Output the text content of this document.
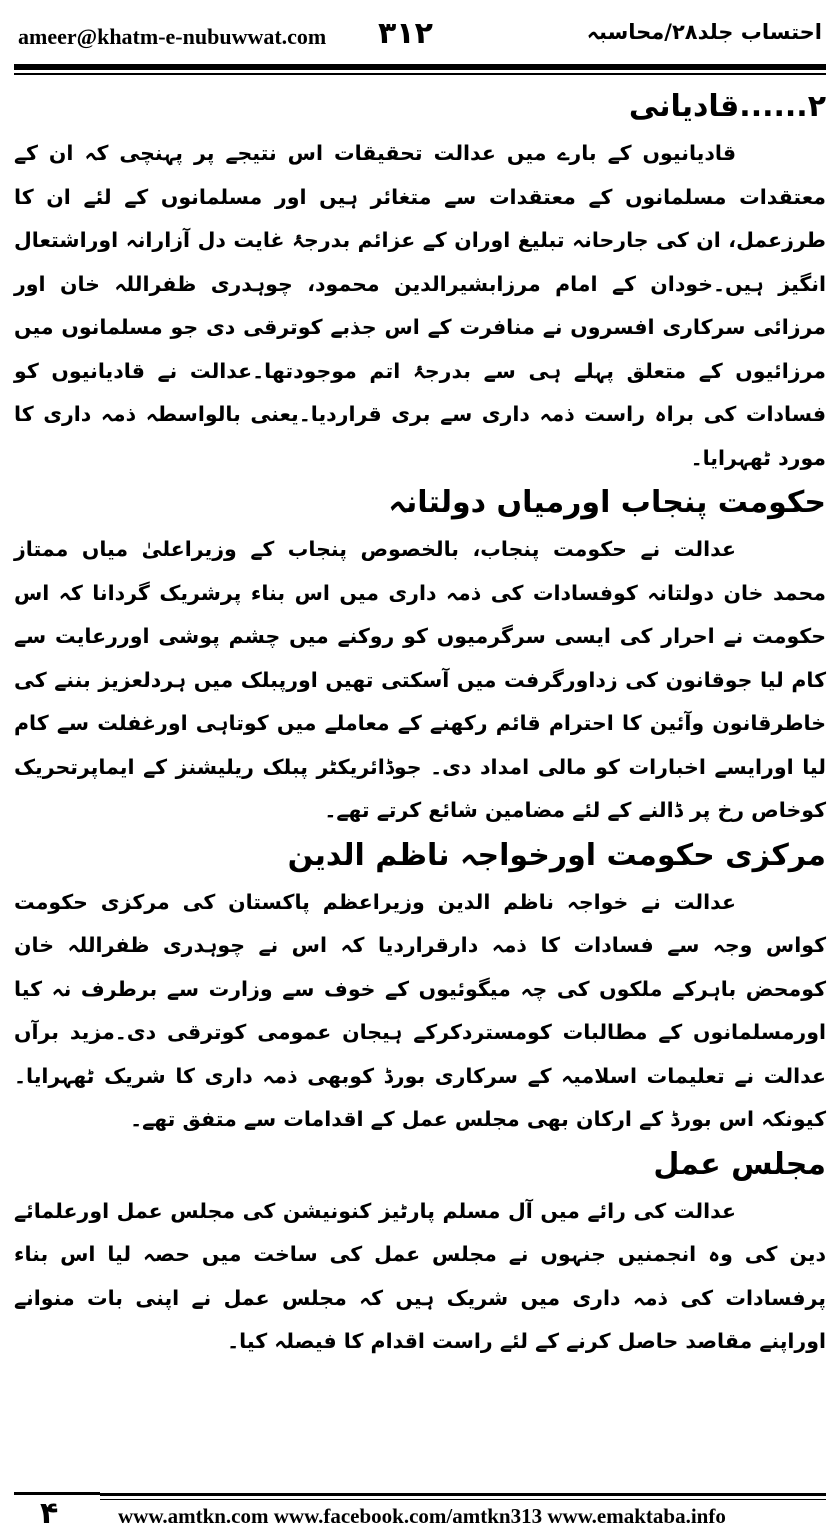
ameer@khatm-e-nubuwwat.com ۳۱۲	احتساب جلد۲۸/محاسبہ
۲......قادیانی

قادیانیوں کے بارے میں عدالت تحقیقات اس نتیجے پر پہنچی کہ ان کے معتقدات مسلمانوں کے معتقدات سے متغائر ہیں اور مسلمانوں کے لئے ان کا طرزعمل، ان کی جارحانہ تبلیغ اوران کے عزائم بدرجۂ غایت دل آزارانہ اوراشتعال انگیز ہیں۔خودان کے امام مرزابشیرالدین محمود، چوہدری ظفراللہ خان اور مرزائی سرکاری افسروں نے منافرت کے اس جذبے کوترقی دی جو مسلمانوں میں مرزائیوں کے متعلق پہلے ہی سے بدرجۂ اتم موجودتھا۔عدالت نے قادیانیوں کو فسادات کی براہ راست ذمہ داری سے بری قراردیا۔یعنی بالواسطہ ذمہ داری کا مورد ٹھہرایا۔

حکومت پنجاب اورمیاں دولتانہ

عدالت نے حکومت پنجاب، بالخصوص پنجاب کے وزیراعلیٰ میاں ممتاز محمد خان دولتانہ کوفسادات کی ذمہ داری میں اس بناء پرشریک گردانا کہ اس حکومت نے احرار کی ایسی سرگرمیوں کو روکنے میں چشم پوشی اوررعایت سے کام لیا جوقانون کی زداورگرفت میں آسکتی تھیں اورپبلک میں ہردلعزیز بننے کی خاطرقانون وآئین کا احترام قائم رکھنے کے معاملے میں کوتاہی اورغفلت سے کام لیا اورایسے اخبارات کو مالی امداد دی۔ جوڈائریکٹر پبلک ریلیشنز کے ایماپرتحریک کوخاص رخ پر ڈالنے کے لئے مضامین شائع کرتے تھے۔

مرکزی حکومت اورخواجہ ناظم الدین

عدالت نے خواجہ ناظم الدین وزیراعظم پاکستان کی مرکزی حکومت کواس وجہ سے فسادات کا ذمہ دارقراردیا کہ اس نے چوہدری ظفراللہ خان کومحض باہرکے ملکوں کی چہ میگوئیوں کے خوف سے وزارت سے برطرف نہ کیا اورمسلمانوں کے مطالبات کومستردکرکے ہیجان عمومی کوترقی دی۔مزید برآں عدالت نے تعلیمات اسلامیہ کے سرکاری بورڈ کوبھی ذمہ داری کا شریک ٹھہرایا۔ کیونکہ اس بورڈ کے ارکان بھی مجلس عمل کے اقدامات سے متفق تھے۔

مجلس عمل

عدالت کی رائے میں آل مسلم پارٹیز کنونیشن کی مجلس عمل اورعلمائے دین کی وہ انجمنیں جنہوں نے مجلس عمل کی ساخت میں حصہ لیا اس بناء پرفسادات کی ذمہ داری میں شریک ہیں کہ مجلس عمل نے اپنی بات منوانے اوراپنے مقاصد حاصل کرنے کے لئے راست اقدام کا فیصلہ کیا۔

۴	www.amtkn.com www.facebook.com/amtkn313 www.emaktaba.info
